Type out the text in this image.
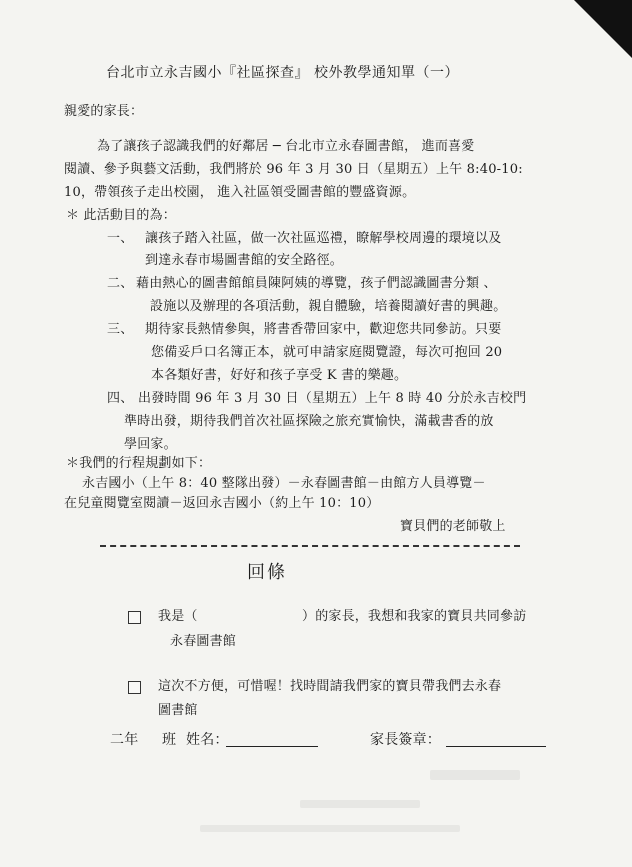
台北市立永吉國小『社區探查』 校外教學通知單（一）
親愛的家長：
為了讓孩子認識我們的好鄰居 ─ 台北市立永春圖書館， 進而喜愛
閱讀、參予與藝文活動，我們將於 96 年 3 月 30 日（星期五）上午 8:40-10:
10，帶領孩子走出校園， 進入社區領受圖書館的豐盛資源。
＊ 此活動目的為：
一、 讓孩子踏入社區，做一次社區巡禮，瞭解學校周邊的環境以及
到達永春市場圖書館的安全路徑。
二、 藉由熱心的圖書館館員陳阿姨的導覽，孩子們認識圖書分類 、
設施以及辦理的各項活動，親自體驗，培養閱讀好書的興趣。
三、 期待家長熱情參與，將書香帶回家中，歡迎您共同參訪。只要
您備妥戶口名簿正本，就可申請家庭閱覽證，每次可抱回 20
本各類好書，好好和孩子享受 K 書的樂趣。
四、 出發時間 96 年 3 月 30 日（星期五）上午 8 時 40 分於永吉校門
準時出發，期待我們首次社區探險之旅充實愉快，滿載書香的放
學回家。
＊我們的行程規劃如下：
永吉國小（上午 8：40 整隊出發）－永春圖書館－由館方人員導覽－
在兒童閱覽室閱讀－返回永吉國小（約上午 10：10）
寶貝們的老師敬上
回條
我是（	）的家長，我想和我家的寶貝共同參訪
永春圖書館
這次不方便，可惜喔！找時間請我們家的寶貝帶我們去永春
圖書館
二年 班 姓名：	家長簽章：
